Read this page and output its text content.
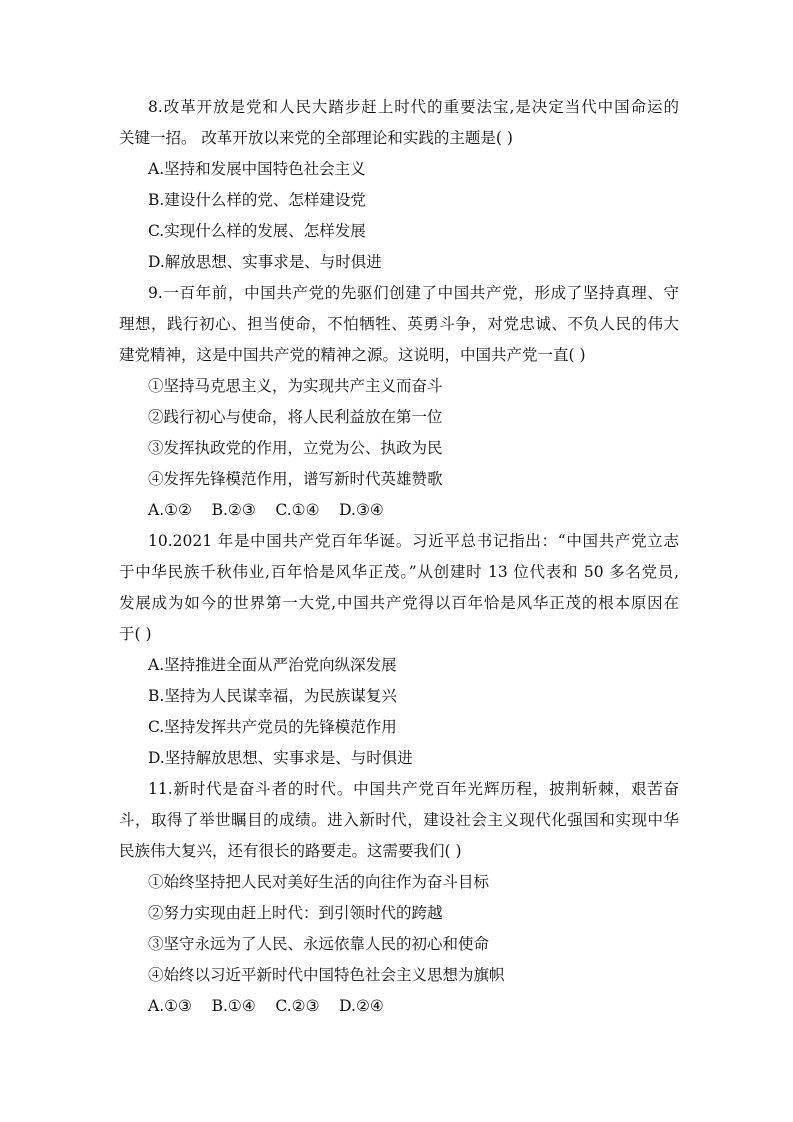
8.改革开放是党和人民大踏步赶上时代的重要法宝,是决定当代中国命运的
关键一招。 改革开放以来党的全部理论和实践的主题是( )
A.坚持和发展中国特色社会主义
B.建设什么样的党、怎样建设党
C.实现什么样的发展、怎样发展
D.解放思想、实事求是、与时俱进
9.一百年前，中国共产党的先驱们创建了中国共产党，形成了坚持真理、守
理想，践行初心、担当使命，不怕牺牲、英勇斗争，对党忠诚、不负人民的伟大
建党精神，这是中国共产党的精神之源。这说明，中国共产党一直( )
①坚持马克思主义，为实现共产主义而奋斗
②践行初心与使命，将人民利益放在第一位
③发挥执政党的作用，立党为公、执政为民
④发挥先锋模范作用，谱写新时代英雄赞歌
A.①②    B.②③    C.①④    D.③④
10.2021 年是中国共产党百年华诞。习近平总书记指出：“中国共产党立志
于中华民族千秋伟业,百年恰是风华正茂。”从创建时 13 位代表和 50 多名党员,
发展成为如今的世界第一大党,中国共产党得以百年恰是风华正茂的根本原因在
于( )
A.坚持推进全面从严治党向纵深发展
B.坚持为人民谋幸福，为民族谋复兴
C.坚持发挥共产党员的先锋模范作用
D.坚持解放思想、实事求是、与时俱进
11.新时代是奋斗者的时代。中国共产党百年光辉历程，披荆斩棘，艰苦奋
斗，取得了举世瞩目的成绩。进入新时代，建设社会主义现代化强国和实现中华
民族伟大复兴，还有很长的路要走。这需要我们( )
①始终坚持把人民对美好生活的向往作为奋斗目标
②努力实现由赶上时代：到引领时代的跨越
③坚守永远为了人民、永远依靠人民的初心和使命
④始终以习近平新时代中国特色社会主义思想为旗帜
A.①③    B.①④    C.②③    D.②④
